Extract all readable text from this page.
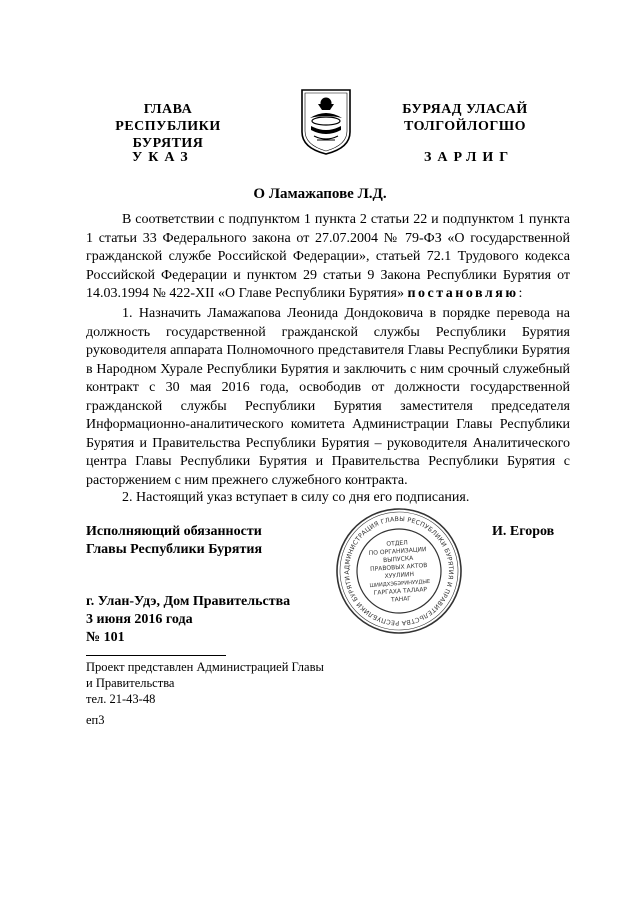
ГЛАВА
РЕСПУБЛИКИ БУРЯТИЯ
БУРЯАД УЛАСАЙ
ТОЛГОЙЛОГШО
УКАЗ	ЗАРЛИГ
О Ламажапове Л.Д.
В соответствии с подпунктом 1 пункта 2 статьи 22 и подпунктом 1 пункта 1 статьи 33 Федерального закона от 27.07.2004 № 79-ФЗ «О государственной гражданской службе Российской Федерации», статьей 72.1 Трудового кодекса Российской Федерации и пунктом 29 статьи 9 Закона Республики Бурятия от 14.03.1994 № 422-XII «О Главе Республики Бурятия» постановляю:
1. Назначить Ламажапова Леонида Дондоковича в порядке перевода на должность государственной гражданской службы Республики Бурятия руководителя аппарата Полномочного представителя Главы Республики Бурятия в Народном Хурале Республики Бурятия и заключить с ним срочный служебный контракт с 30 мая 2016 года, освободив от должности государственной гражданской службы Республики Бурятия заместителя председателя Информационно-аналитического комитета Администрации Главы Республики Бурятия и Правительства Республики Бурятия – руководителя Аналитического центра Главы Республики Бурятия и Правительства Республики Бурятия с расторжением с ним прежнего служебного контракта.
2. Настоящий указ вступает в силу со дня его подписания.
Исполняющий обязанности
Главы Республики Бурятия
И. Егоров
АДМИНИСТРАЦИЯ ГЛАВЫ РЕСПУБЛИКИ БУРЯТИЯ И ПРАВИТЕЛЬСТВА РЕСПУБЛИКИ БУРЯТИЯ • БУРЯАД РЕСПУБЛИКЫН ТОЛГОЙЛОГШО •
ОТДЕЛ
ПО ОРГАНИЗАЦИИ
ВЫПУСКА
ПРАВОВЫХ АКТОВ
ХУУЛИИН
ШИИДХЭБЭРИНУУДЫЕ
ГАРГАХА ТАЛААР
ТАНАГ
г. Улан-Удэ, Дом Правительства
3 июня 2016 года
№ 101
Проект представлен Администрацией Главы
и Правительства
тел. 21-43-48
еп3
